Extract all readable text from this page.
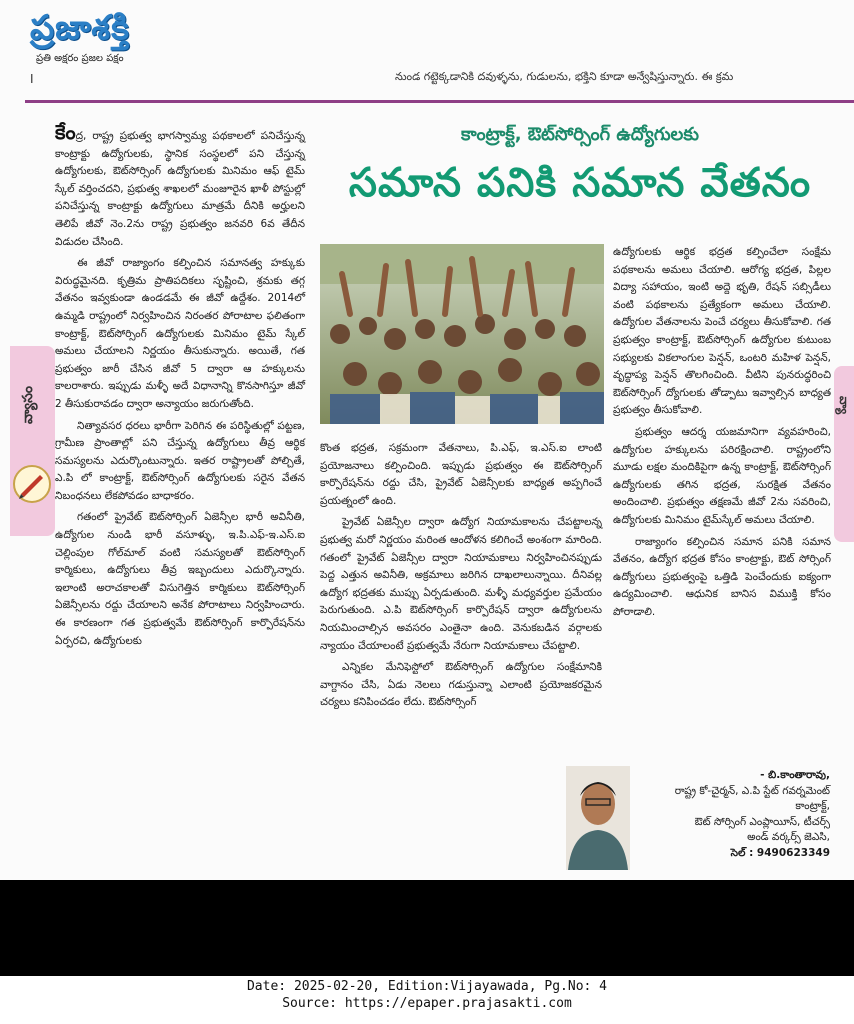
ప్రజాశక్తి
ప్రతి అక్షరం ప్రజల పక్షం
I	నుండ గట్టెక్కడానికి దవుళ్ళను, గుడులను, భక్తిని కూడా అన్వేషిస్తున్నారు. ఈ క్రమ
వ్యాసం	వ్యా

కేంద్ర, రాష్ట్ర ప్రభుత్వ భాగస్వామ్య పథకాలలో పనిచేస్తున్న కాంట్రాక్టు ఉద్యోగులకు, స్థానిక సంస్థలలో పని చేస్తున్న ఉద్యోగులకు, ఔట్‌సోర్సింగ్ ఉద్యోగులకు మినిమం ఆఫ్ టైమ్ స్కేల్ వర్తించదని, ప్రభుత్వ శాఖలలో మంజూరైన ఖాళీ పోస్టుల్లో పనిచేస్తున్న కాంట్రాక్టు ఉద్యోగులు మాత్రమే దీనికి అర్హులని తెలిపే జీవో నెం.2ను రాష్ట్ర ప్రభుత్వం జనవరి 6వ తేదీన విడుదల చేసింది.

ఈ జీవో రాజ్యాంగం కల్పించిన సమానత్వ హక్కుకు విరుద్ధమైనది. కృత్రిమ ప్రాతిపదికలు సృష్టించి, శ్రమకు తగ్గ వేతనం ఇవ్వకుండా ఉండడమే ఈ జీవో ఉద్దేశం. 2014లో ఉమ్మడి రాష్ట్రంలో నిర్వహించిన నిరంతర పోరాటాల ఫలితంగా కాంట్రాక్ట్, ఔట్‌సోర్సింగ్ ఉద్యోగులకు మినిమం టైమ్ స్కేల్ అమలు చేయాలని నిర్ణయం తీసుకున్నారు. అయితే, గత ప్రభుత్వం జారీ చేసిన జీవో 5 ద్వారా ఆ హక్కులను కాలరాశారు. ఇప్పుడు మళ్ళీ అదే విధానాన్ని కొనసాగిస్తూ జీవో 2 తీసుకురావడం ద్వారా అన్యాయం జరుగుతోంది.

నిత్యావసర ధరలు భారీగా పెరిగిన ఈ పరిస్థితుల్లో పట్టణ, గ్రామీణ ప్రాంతాల్లో పని చేస్తున్న ఉద్యోగులు తీవ్ర ఆర్థిక సమస్యలను ఎదుర్కొంటున్నారు. ఇతర రాష్ట్రాలతో పోల్చితే, ఎ.పి లో కాంట్రాక్ట్, ఔట్‌సోర్సింగ్ ఉద్యోగులకు సరైన వేతన నిబంధనలు లేకపోవడం బాధాకరం.

గతంలో ప్రైవేట్ ఔట్‌సోర్సింగ్ ఏజెన్సీల భారీ అవినీతి, ఉద్యోగుల నుండి భారీ వసూళ్ళు, ఇ.పి.ఎఫ్-ఇ.ఎస్.ఐ చెల్లింపుల గోల్‌మాల్ వంటి సమస్యలతో ఔట్‌సోర్సింగ్ కార్మికులు, ఉద్యోగులు తీవ్ర ఇబ్బందులు ఎదుర్కొన్నారు. ఇలాంటి అరాచకాలతో విసుగెత్తిన కార్మికులు ఔట్‌సోర్సింగ్ ఏజెన్సీలను రద్దు చేయాలని అనేక పోరాటాలు నిర్వహించారు. ఈ కారణంగా గత ప్రభుత్వమే ఔట్‌సోర్సింగ్ కార్పొరేషన్‌ను ఏర్పరచి, ఉద్యోగులకు

కాంట్రాక్ట్, ఔట్‌సోర్సింగ్ ఉద్యోగులకు
సమాన పనికి సమాన వేతనం

కొంత భద్రత, సక్రమంగా వేతనాలు, పి.ఎఫ్, ఇ.ఎస్.ఐ లాంటి ప్రయోజనాలు కల్పించింది. ఇప్పుడు ప్రభుత్వం ఈ ఔట్‌సోర్సింగ్ కార్పొరేషన్‌ను రద్దు చేసి, ప్రైవేట్ ఏజెన్సీలకు బాధ్యత అప్పగించే ప్రయత్నంలో ఉంది.

ప్రైవేట్ ఏజెన్సీల ద్వారా ఉద్యోగ నియామకాలను చేపట్టాలన్న ప్రభుత్వ మరో నిర్ణయం మరింత ఆందోళన కలిగించే అంశంగా మారింది. గతంలో ప్రైవేట్ ఏజెన్సీల ద్వారా నియామకాలు నిర్వహించినప్పుడు పెద్ద ఎత్తున అవినీతి, అక్రమాలు జరిగిన దాఖలాలున్నాయి. దీనివల్ల ఉద్యోగ భద్రతకు ముప్పు ఏర్పడుతుంది. మళ్ళీ మధ్యవర్తుల ప్రమేయం పెరుగుతుంది. ఎ.పి ఔట్‌సోర్సింగ్ కార్పొరేషన్ ద్వారా ఉద్యోగులను నియమించాల్సిన అవసరం ఎంతైనా ఉంది. వెనుకబడిన వర్గాలకు న్యాయం చేయాలంటే ప్రభుత్వమే నేరుగా నియామకాలు చేపట్టాలి.

ఎన్నికల మేనిఫెస్టోలో ఔట్‌సోర్సింగ్ ఉద్యోగుల సంక్షేమానికి వాగ్దానం చేసి, ఏడు నెలలు గడుస్తున్నా ఎలాంటి ప్రయోజకరమైన చర్యలు కనిపించడం లేదు. ఔట్‌సోర్సింగ్

ఉద్యోగులకు ఆర్థిక భద్రత కల్పించేలా సంక్షేమ పథకాలను అమలు చేయాలి. ఆరోగ్య భద్రత, పిల్లల విద్యా సహాయం, ఇంటి అద్దె భృతి, రేషన్ సబ్సిడీలు వంటి పథకాలను ప్రత్యేకంగా అమలు చేయాలి. ఉద్యోగుల వేతనాలను పెంచే చర్యలు తీసుకోవాలి. గత ప్రభుత్వం కాంట్రాక్ట్, ఔట్‌సోర్సింగ్ ఉద్యోగుల కుటుంబ సభ్యులకు వికలాంగుల పెన్షన్, ఒంటరి మహిళ పెన్షన్, వృద్ధాప్య పెన్షన్ తొలగించింది. వీటిని పునరుద్ధరించి ఔట్‌సోర్సింగ్ ద్యోగులకు తోడ్పాటు ఇవ్వాల్సిన బాధ్యత ప్రభుత్వం తీసుకోవాలి.

ప్రభుత్వం ఆదర్శ యజమానిగా వ్యవహరించి, ఉద్యోగుల హక్కులను పరిరక్షించాలి. రాష్ట్రంలోని మూడు లక్షల మందికిపైగా ఉన్న కాంట్రాక్ట్, ఔట్‌సోర్సింగ్ ఉద్యోగులకు తగిన భద్రత, సురక్షిత వేతనం అందించాలి. ప్రభుత్వం తక్షణమే జీవో 2ను సవరించి, ఉద్యోగులకు మినిమం టైమ్‌స్కేల్ అమలు చేయాలి.

రాజ్యాంగం కల్పించిన సమాన పనికి సమాన వేతనం, ఉద్యోగ భద్రత కోసం కాంట్రాక్టు, ఔట్ సోర్సింగ్ ఉద్యోగులు ప్రభుత్వంపై ఒత్తిడి పెంచేందుకు ఐక్యంగా ఉద్యమించాలి. ఆధునిక బానిస విముక్తి కోసం పోరాడాలి.

- బి.కాంతారావు,
రాష్ట్ర కో-చైర్మన్, ఎ.పి స్టేట్ గవర్నమెంట్
కాంట్రాక్ట్,
ఔట్ సోర్సింగ్ ఎంప్లాయీస్, టీచర్స్
అండ్ వర్కర్స్ జెఎసి,
సెల్ : 9490623349
Date: 2025-02-20, Edition:Vijayawada, Pg.No: 4
Source: https://epaper.prajasakti.com
